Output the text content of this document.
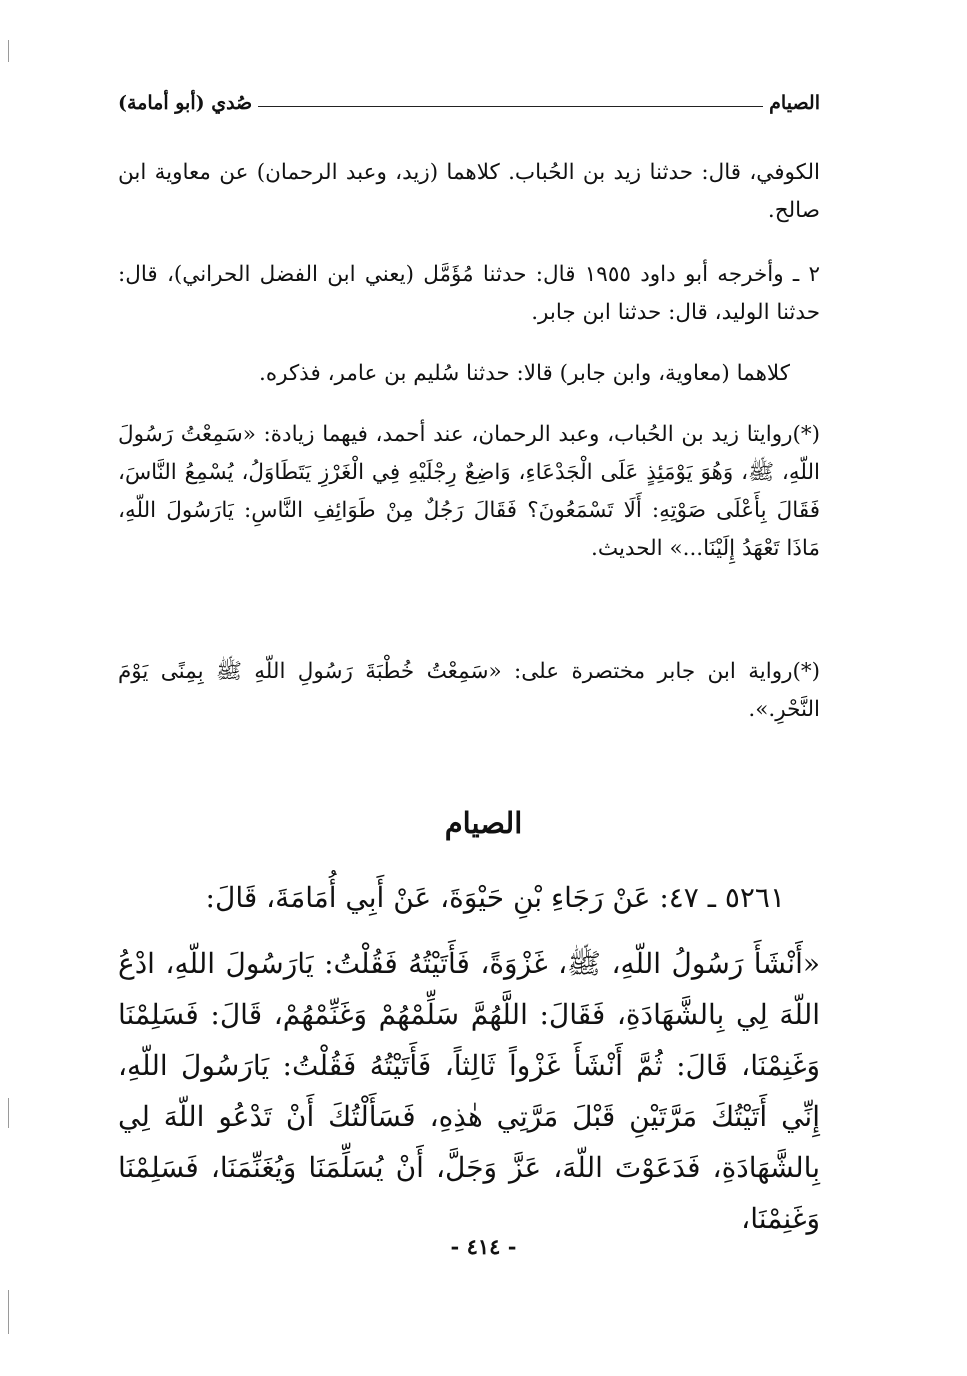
الصيام
صُدي (أبو أمامة)
الكوفي، قال: حدثنا زيد بن الحُباب. كلاهما (زيد، وعبد الرحمان) عن معاوية ابن صالح.
٢ ـ وأخرجه أبو داود ١٩٥٥ قال: حدثنا مُؤَمَّل (يعني ابن الفضل الحراني)، قال: حدثنا الوليد، قال: حدثنا ابن جابر.
كلاهما (معاوية، وابن جابر) قالا: حدثنا سُليم بن عامر، فذكره.
(*)روايتا زيد بن الحُباب، وعبد الرحمان، عند أحمد، فيهما زيادة: «سَمِعْتُ رَسُولَ اللّهِ، ﷺ، وَهُوَ يَوْمَئِذٍ عَلَى الْجَدْعَاءِ، وَاضِعٌ رِجْلَيْهِ فِي الْغَرْزِ يَتَطَاوَلُ، يُسْمِعُ النَّاسَ، فَقَالَ بِأَعْلَى صَوْتِهِ: أَلَا تَسْمَعُونَ؟ فَقَالَ رَجُلٌ مِنْ طَوَائِفِ النَّاسِ: يَارَسُولَ اللّهِ، مَاذَا تَعْهَدُ إِلَيْنَا...» الحديث.
(*)رواية ابن جابر مختصرة على: «سَمِعْتُ خُطْبَةَ رَسُولِ اللّهِ ﷺ بِمِنًى يَوْمَ النَّحْرِ.».
الصيام
٥٢٦١ ـ ٤٧: عَنْ رَجَاءِ بْنِ حَيْوَةَ، عَنْ أَبِي أُمَامَةَ، قَالَ:
«أَنْشَأَ رَسُولُ اللّهِ، ﷺ، غَزْوَةً، فَأَتَيْتُهُ فَقُلْتُ: يَارَسُولَ اللّهِ، ادْعُ اللّهَ لِي بِالشَّهَادَةِ، فَقَالَ: اللَّهُمَّ سَلِّمْهُمْ وَغَنِّمْهُمْ، قَالَ: فَسَلِمْنَا وَغَنِمْنَا، قَالَ: ثُمَّ أَنْشَأَ غَزْواً ثَالِثاً، فَأَتَيْتُهُ فَقُلْتُ: يَارَسُولَ اللّهِ، إِنِّي أَتَيْتُكَ مَرَّتَيْنِ قَبْلَ مَرَّتِي هٰذِهِ، فَسَأَلْتُكَ أَنْ تَدْعُو اللّهَ لِي بِالشَّهَادَةِ، فَدَعَوْتَ اللّهَ، عَزَّ وَجَلَّ، أَنْ يُسَلِّمَنَا وَيُغَنِّمَنَا، فَسَلِمْنَا وَغَنِمْنَا،
- ٤١٤ -
